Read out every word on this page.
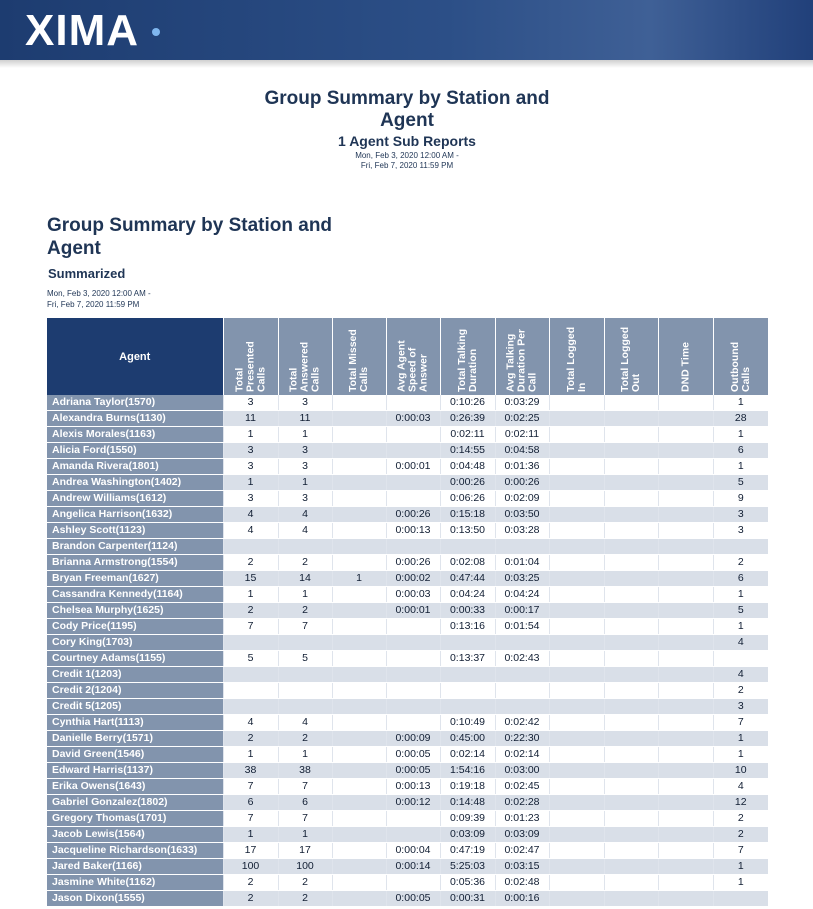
XIMA
Group Summary by Station and Agent
1 Agent Sub Reports
Mon, Feb 3, 2020 12:00 AM -
Fri, Feb 7, 2020 11:59 PM
Group Summary by Station and Agent
Summarized
Mon, Feb 3, 2020 12:00 AM -
Fri, Feb 7, 2020 11:59 PM
Agent	Total Presented Calls	Total Answered Calls	Total Missed Calls	Avg Agent Speed of Answer	Total Talking Duration	Avg Talking Duration Per Call	Total Logged In	Total Logged Out	DND Time	Outbound Calls

Adriana Taylor(1570)	3	3			0:10:26	0:03:29				1
Alexandra Burns(1130)	11	11		0:00:03	0:26:39	0:02:25				28
Alexis Morales(1163)	1	1			0:02:11	0:02:11				1
Alicia Ford(1550)	3	3			0:14:55	0:04:58				6
Amanda Rivera(1801)	3	3		0:00:01	0:04:48	0:01:36				1
Andrea Washington(1402)	1	1			0:00:26	0:00:26				5
Andrew Williams(1612)	3	3			0:06:26	0:02:09				9
Angelica Harrison(1632)	4	4		0:00:26	0:15:18	0:03:50				3
Ashley Scott(1123)	4	4		0:00:13	0:13:50	0:03:28				3
Brandon Carpenter(1124)										
Brianna Armstrong(1554)	2	2		0:00:26	0:02:08	0:01:04				2
Bryan Freeman(1627)	15	14	1	0:00:02	0:47:44	0:03:25				6
Cassandra Kennedy(1164)	1	1		0:00:03	0:04:24	0:04:24				1
Chelsea Murphy(1625)	2	2		0:00:01	0:00:33	0:00:17				5
Cody Price(1195)	7	7			0:13:16	0:01:54				1
Cory King(1703)										4
Courtney Adams(1155)	5	5			0:13:37	0:02:43				
Credit 1(1203)										4
Credit 2(1204)										2
Credit 5(1205)										3
Cynthia Hart(1113)	4	4			0:10:49	0:02:42				7
Danielle Berry(1571)	2	2		0:00:09	0:45:00	0:22:30				1
David Green(1546)	1	1		0:00:05	0:02:14	0:02:14				1
Edward Harris(1137)	38	38		0:00:05	1:54:16	0:03:00				10
Erika Owens(1643)	7	7		0:00:13	0:19:18	0:02:45				4
Gabriel Gonzalez(1802)	6	6		0:00:12	0:14:48	0:02:28				12
Gregory Thomas(1701)	7	7			0:09:39	0:01:23				2
Jacob Lewis(1564)	1	1			0:03:09	0:03:09				2
Jacqueline Richardson(1633)	17	17		0:00:04	0:47:19	0:02:47				7
Jared Baker(1166)	100	100		0:00:14	5:25:03	0:03:15				1
Jasmine White(1162)	2	2			0:05:36	0:02:48				1
Jason Dixon(1555)	2	2		0:00:05	0:00:31	0:00:16				
